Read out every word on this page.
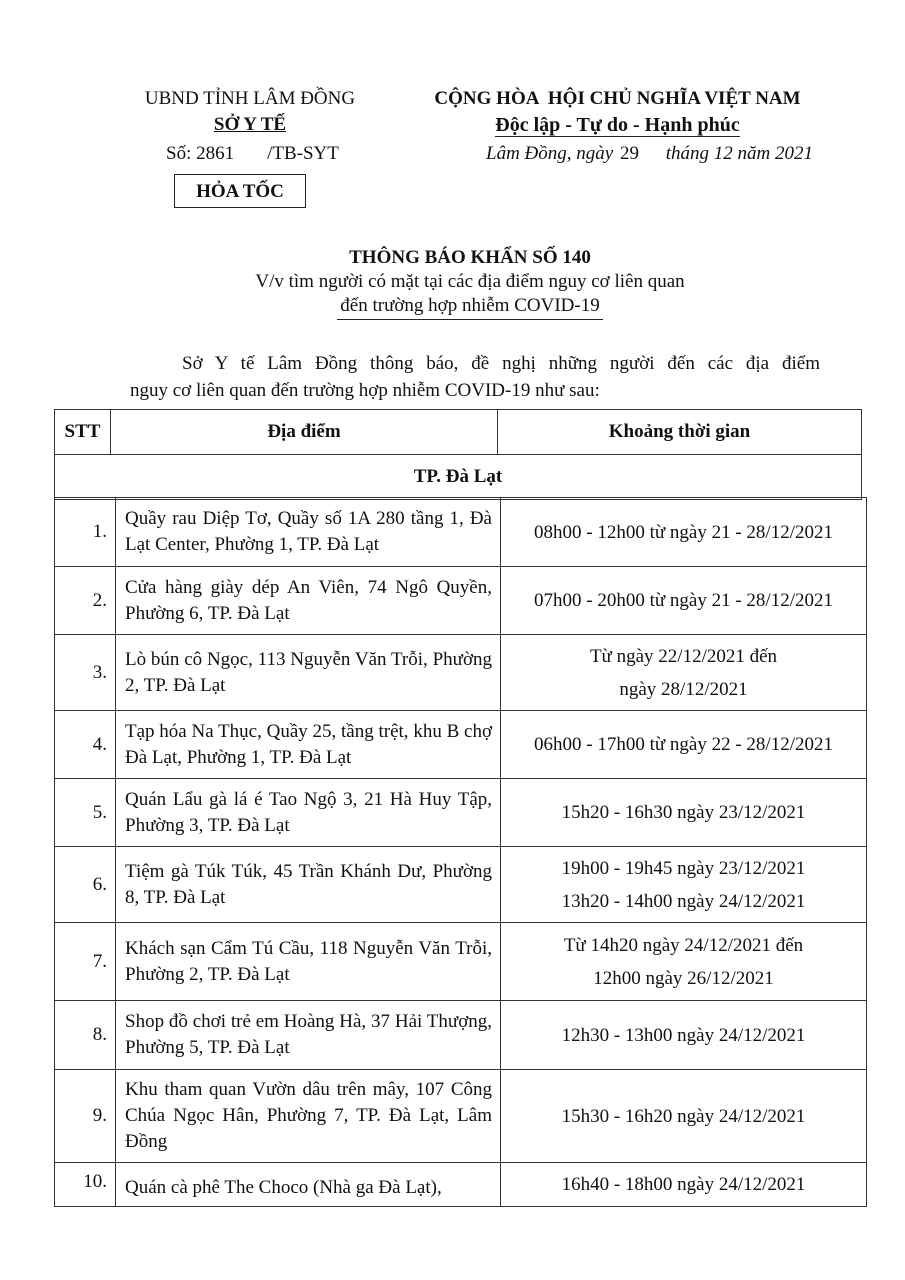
UBND TỈNH LÂM ĐỒNG
SỞ Y TẾ
Số: 2861 /TB-SYT
HỎA TỐC
CỘNG HÒA  HỘI CHỦ NGHĨA VIỆT NAM
Độc lập - Tự do - Hạnh phúc
Lâm Đồng, ngày 29 tháng 12 năm 2021
THÔNG BÁO KHẨN SỐ 140
V/v tìm người có mặt tại các địa điểm nguy cơ liên quan
đến trường hợp nhiễm COVID-19

Sở Y tế Lâm Đồng thông báo, đề nghị những người đến các địa điểm

nguy cơ liên quan đến trường hợp nhiễm COVID-19 như sau:

STT	Địa điểm	Khoảng thời gian
TP. Đà Lạt
1.	Quầy rau Diệp Tơ, Quầy số 1A 280 tầng 1, Đà Lạt Center, Phường 1, TP. Đà Lạt	08h00 - 12h00 từ ngày 21 - 28/12/2021

2.	Cửa hàng giày dép An Viên, 74 Ngô Quyền, Phường 6, TP. Đà Lạt	07h00 - 20h00 từ ngày 21 - 28/12/2021

3.	Lò bún cô Ngọc, 113 Nguyễn Văn Trỗi, Phường 2, TP. Đà Lạt	Từ ngày 22/12/2021 đến
ngày 28/12/2021

4.	Tạp hóa Na Thục, Quầy 25, tầng trệt, khu B chợ Đà Lạt, Phường 1, TP. Đà Lạt	06h00 - 17h00 từ ngày 22 - 28/12/2021

5.	Quán Lẩu gà lá é Tao Ngộ 3, 21 Hà Huy Tập, Phường 3, TP. Đà Lạt	15h20 - 16h30 ngày 23/12/2021

6.	Tiệm gà Túk Túk, 45 Trần Khánh Dư, Phường 8, TP. Đà Lạt	19h00 - 19h45 ngày 23/12/2021
13h20 - 14h00 ngày 24/12/2021

7.	Khách sạn Cẩm Tú Cầu, 118 Nguyễn Văn Trỗi, Phường 2, TP. Đà Lạt	Từ 14h20 ngày 24/12/2021 đến
12h00 ngày 26/12/2021

8.	Shop đồ chơi trẻ em Hoàng Hà, 37 Hải Thượng, Phường 5, TP. Đà Lạt	12h30 - 13h00 ngày 24/12/2021

9.	Khu tham quan Vườn dâu trên mây, 107 Công Chúa Ngọc Hân, Phường 7, TP. Đà Lạt, Lâm Đồng	15h30 - 16h20 ngày 24/12/2021

10.	Quán cà phê The Choco (Nhà ga Đà Lạt),	16h40 - 18h00 ngày 24/12/2021
